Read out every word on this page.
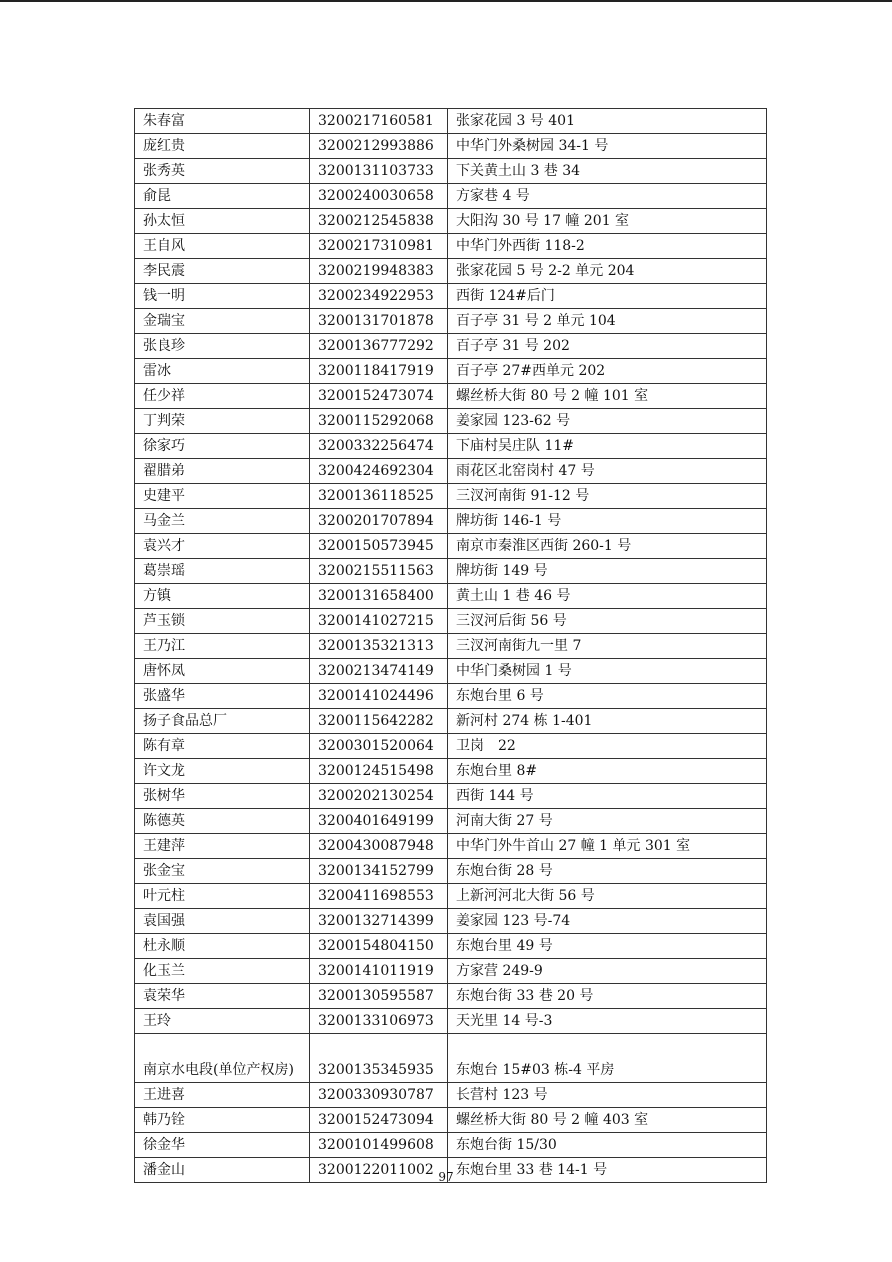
朱春富	3200217160581	张家花园 3 号 401
庞红贵	3200212993886	中华门外桑树园 34-1 号
张秀英	3200131103733	下关黄土山 3 巷 34
俞昆	3200240030658	方家巷 4 号
孙太恒	3200212545838	大阳沟 30 号 17 幢 201 室
王自风	3200217310981	中华门外西街 118-2
李民震	3200219948383	张家花园 5 号 2-2 单元 204
钱一明	3200234922953	西街 124#后门
金瑞宝	3200131701878	百子亭 31 号 2 单元 104
张良珍	3200136777292	百子亭 31 号 202
雷冰	3200118417919	百子亭 27#西单元 202
任少祥	3200152473074	螺丝桥大街 80 号 2 幢 101 室
丁判荣	3200115292068	姜家园 123-62 号
徐家巧	3200332256474	下庙村吴庄队 11#
翟腊弟	3200424692304	雨花区北窑岗村 47 号
史建平	3200136118525	三汊河南街 91-12 号
马金兰	3200201707894	牌坊街 146-1 号
袁兴才	3200150573945	南京市秦淮区西街 260-1 号
葛崇瑶	3200215511563	牌坊街 149 号
方镇	3200131658400	黄土山 1 巷 46 号
芦玉锁	3200141027215	三汊河后街 56 号
王乃江	3200135321313	三汊河南街九一里 7
唐怀凤	3200213474149	中华门桑树园 1 号
张盛华	3200141024496	东炮台里 6 号
扬子食品总厂	3200115642282	新河村 274 栋 1-401
陈有章	3200301520064	卫岗　22
许文龙	3200124515498	东炮台里 8#
张树华	3200202130254	西街 144 号
陈德英	3200401649199	河南大街 27 号
王建萍	3200430087948	中华门外牛首山 27 幢 1 单元 301 室
张金宝	3200134152799	东炮台街 28 号
叶元柱	3200411698553	上新河河北大街 56 号
袁国强	3200132714399	姜家园 123 号-74
杜永顺	3200154804150	东炮台里 49 号
化玉兰	3200141011919	方家营 249-9
袁荣华	3200130595587	东炮台街 33 巷 20 号
王玲	3200133106973	天光里 14 号-3
南京水电段(单位产权房)	3200135345935	东炮台 15#03 栋-4 平房
王进喜	3200330930787	长营村 123 号
韩乃铨	3200152473094	螺丝桥大街 80 号 2 幢 403 室
徐金华	3200101499608	东炮台街 15/30
潘金山	3200122011002	东炮台里 33 巷 14-1 号
97
